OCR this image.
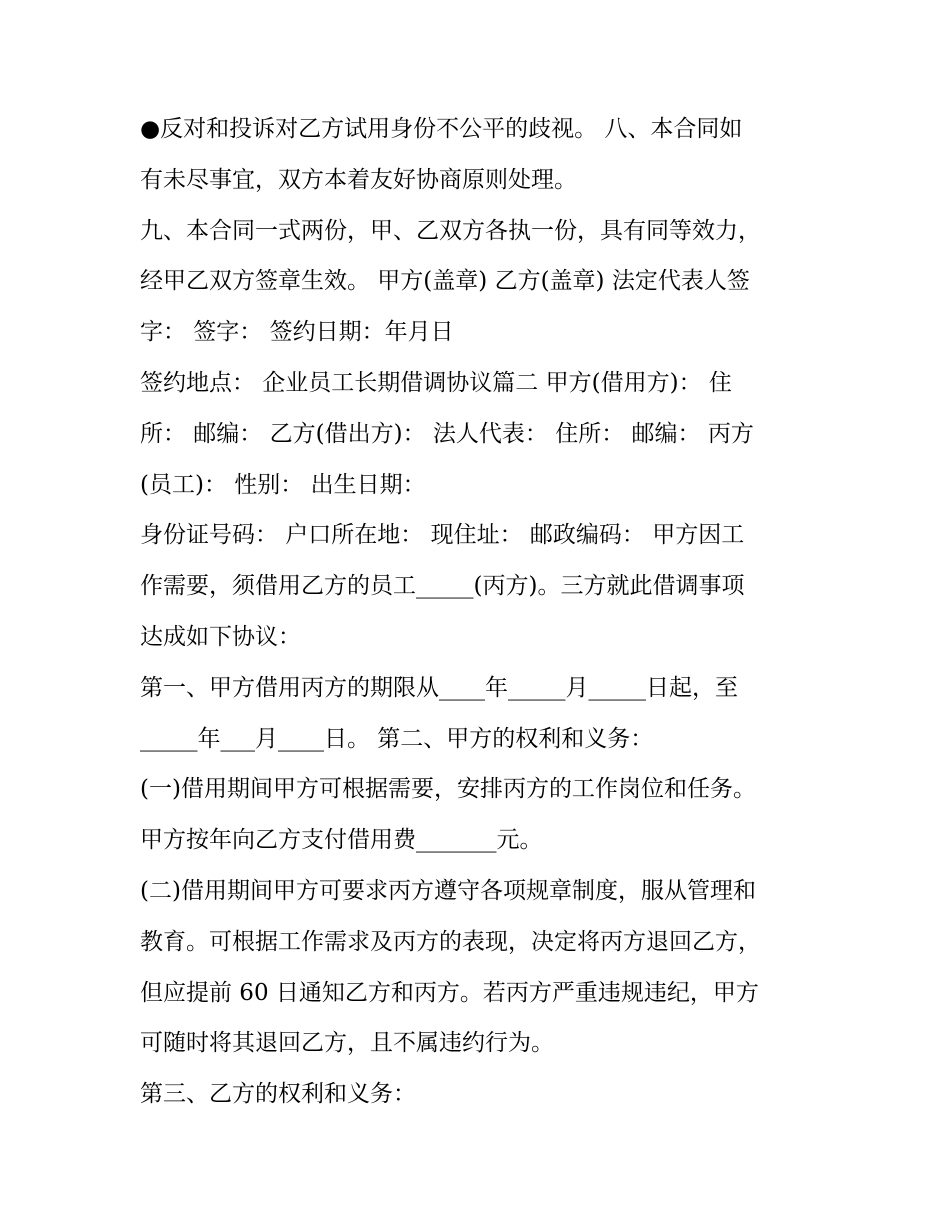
●反对和投诉对乙方试用身份不公平的歧视。 八、本合同如
有未尽事宜，双方本着友好协商原则处理。
九、本合同一式两份，甲、乙双方各执一份，具有同等效力，
经甲乙双方签章生效。 甲方(盖章) 乙方(盖章) 法定代表人签
字： 签字： 签约日期：年月日
签约地点： 企业员工长期借调协议篇二 甲方(借用方)： 住
所： 邮编： 乙方(借出方)： 法人代表： 住所： 邮编： 丙方
(员工)： 性别： 出生日期：
身份证号码： 户口所在地： 现住址： 邮政编码： 甲方因工
作需要，须借用乙方的员工_____(丙方)。三方就此借调事项
达成如下协议：
第一、甲方借用丙方的期限从____年_____月_____日起，至
_____年___月____日。 第二、甲方的权利和义务：
(一)借用期间甲方可根据需要，安排丙方的工作岗位和任务。
甲方按年向乙方支付借用费_______元。
(二)借用期间甲方可要求丙方遵守各项规章制度，服从管理和
教育。可根据工作需求及丙方的表现，决定将丙方退回乙方，
但应提前 60 日通知乙方和丙方。若丙方严重违规违纪，甲方
可随时将其退回乙方，且不属违约行为。
第三、乙方的权利和义务：
